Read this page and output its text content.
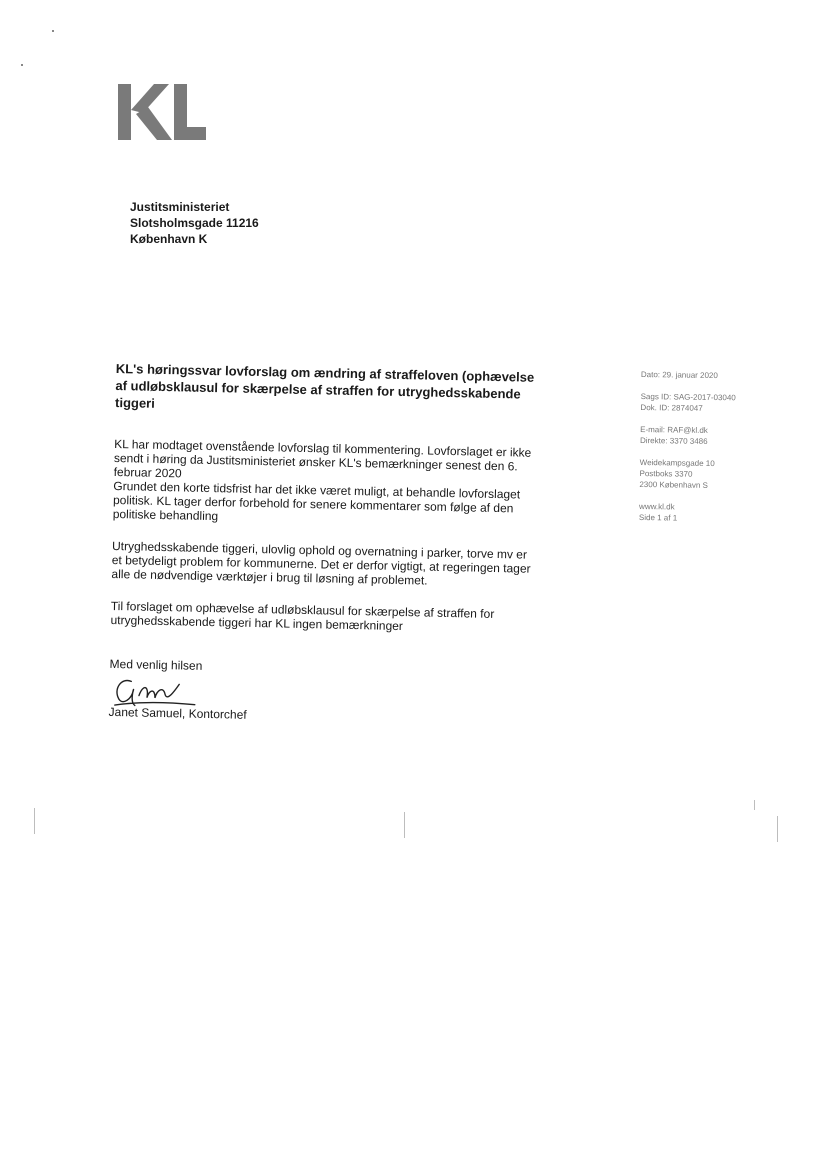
Justitsministeriet
Slotsholmsgade 11216
København K

KL's høringssvar lovforslag om ændring af straffeloven (ophævelse af udløbsklausul for skærpelse af straffen for utryghedsskabende tiggeri

KL har modtaget ovenstående lovforslag til kommentering. Lovforslaget er ikke sendt i høring da Justitsministeriet ønsker KL's bemærkninger senest den 6. februar 2020

Grundet den korte tidsfrist har det ikke været muligt, at behandle lovforslaget politisk. KL tager derfor forbehold for senere kommentarer som følge af den politiske behandling

Utryghedsskabende tiggeri, ulovlig ophold og overnatning i parker, torve mv er et betydeligt problem for kommunerne. Det er derfor vigtigt, at regeringen tager alle de nødvendige værktøjer i brug til løsning af problemet.

Til forslaget om ophævelse af udløbsklausul for skærpelse af straffen for utryghedsskabende tiggeri har KL ingen bemærkninger

Med venlig hilsen
Janet Samuel, Kontorchef
Dato: 29. januar 2020
Sags ID: SAG-2017-03040
Dok. ID: 2874047
E-mail: RAF@kl.dk
Direkte: 3370 3486
Weidekampsgade 10
Postboks 3370
2300 København S
www.kl.dk
Side 1 af 1
